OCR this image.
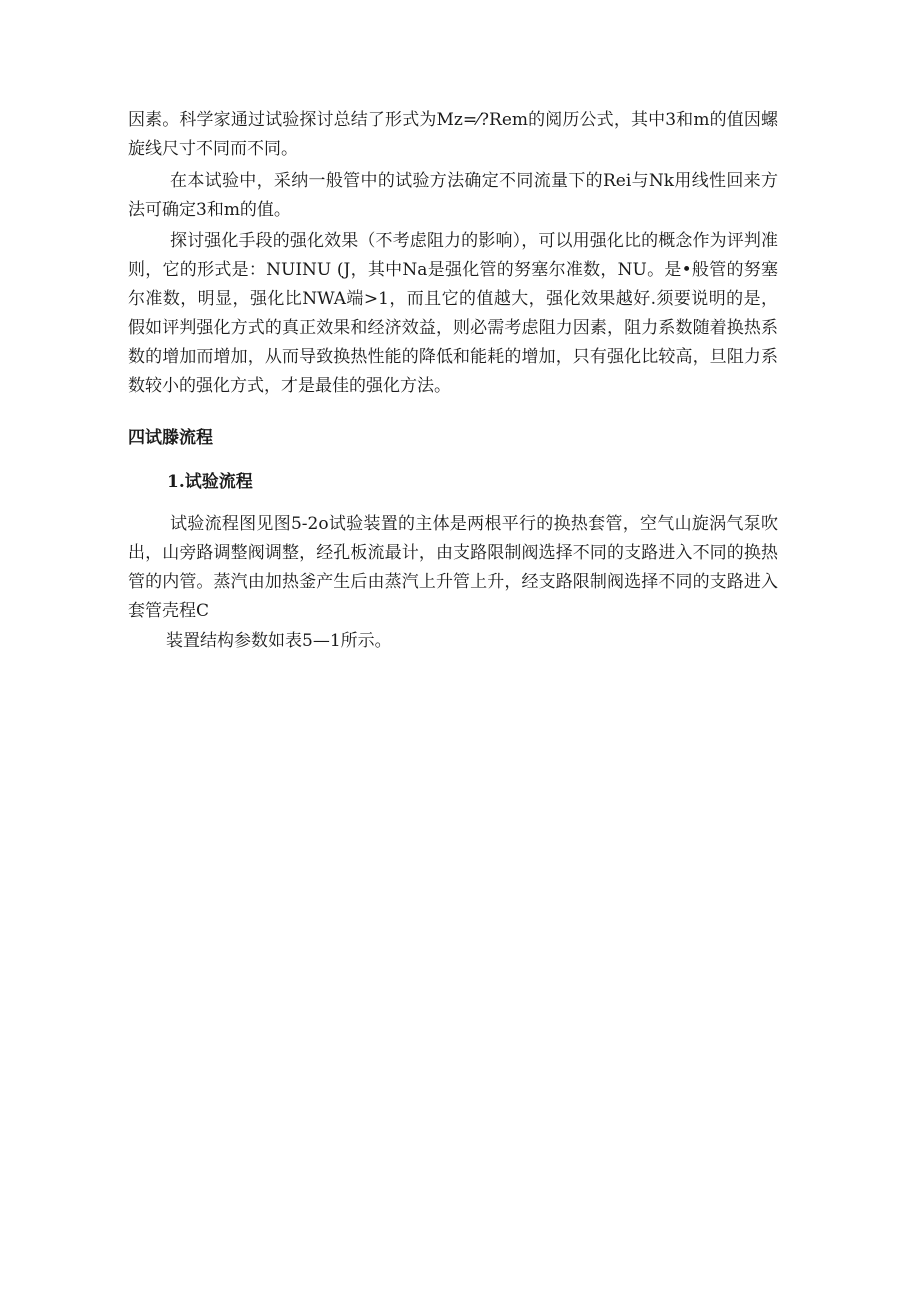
因素。科学家通过试验探讨总结了形式为Mz=⁄?Rem的阅历公式，其中3和m的值因螺旋线尺寸不同而不同。

在本试验中，采纳一般管中的试验方法确定不同流量下的Rei与Nk用线性回来方法可确定3和m的值。

探讨强化手段的强化效果（不考虑阻力的影响），可以用强化比的概念作为评判准则，它的形式是：NUINU (J，其中Na是强化管的努塞尔准数，NU。是•般管的努塞尔准数，明显，强化比NWA端>1，而且它的值越大，强化效果越好.须要说明的是，假如评判强化方式的真正效果和经济效益，则必需考虑阻力因素，阻力系数随着换热系数的增加而增加，从而导致换热性能的降低和能耗的增加，只有强化比较高，旦阻力系数较小的强化方式，才是最佳的强化方法。

四试滕流程
1.试验流程

试验流程图见图5-2o试验装置的主体是两根平行的换热套管，空气山旋涡气泵吹出，山旁路调整阀调整，经孔板流最计，由支路限制阀选择不同的支路进入不同的换热管的内管。蒸汽由加热釜产生后由蒸汽上升管上升，经支路限制阀选择不同的支路进入套管壳程C

装置结构参数如表5—1所示。
